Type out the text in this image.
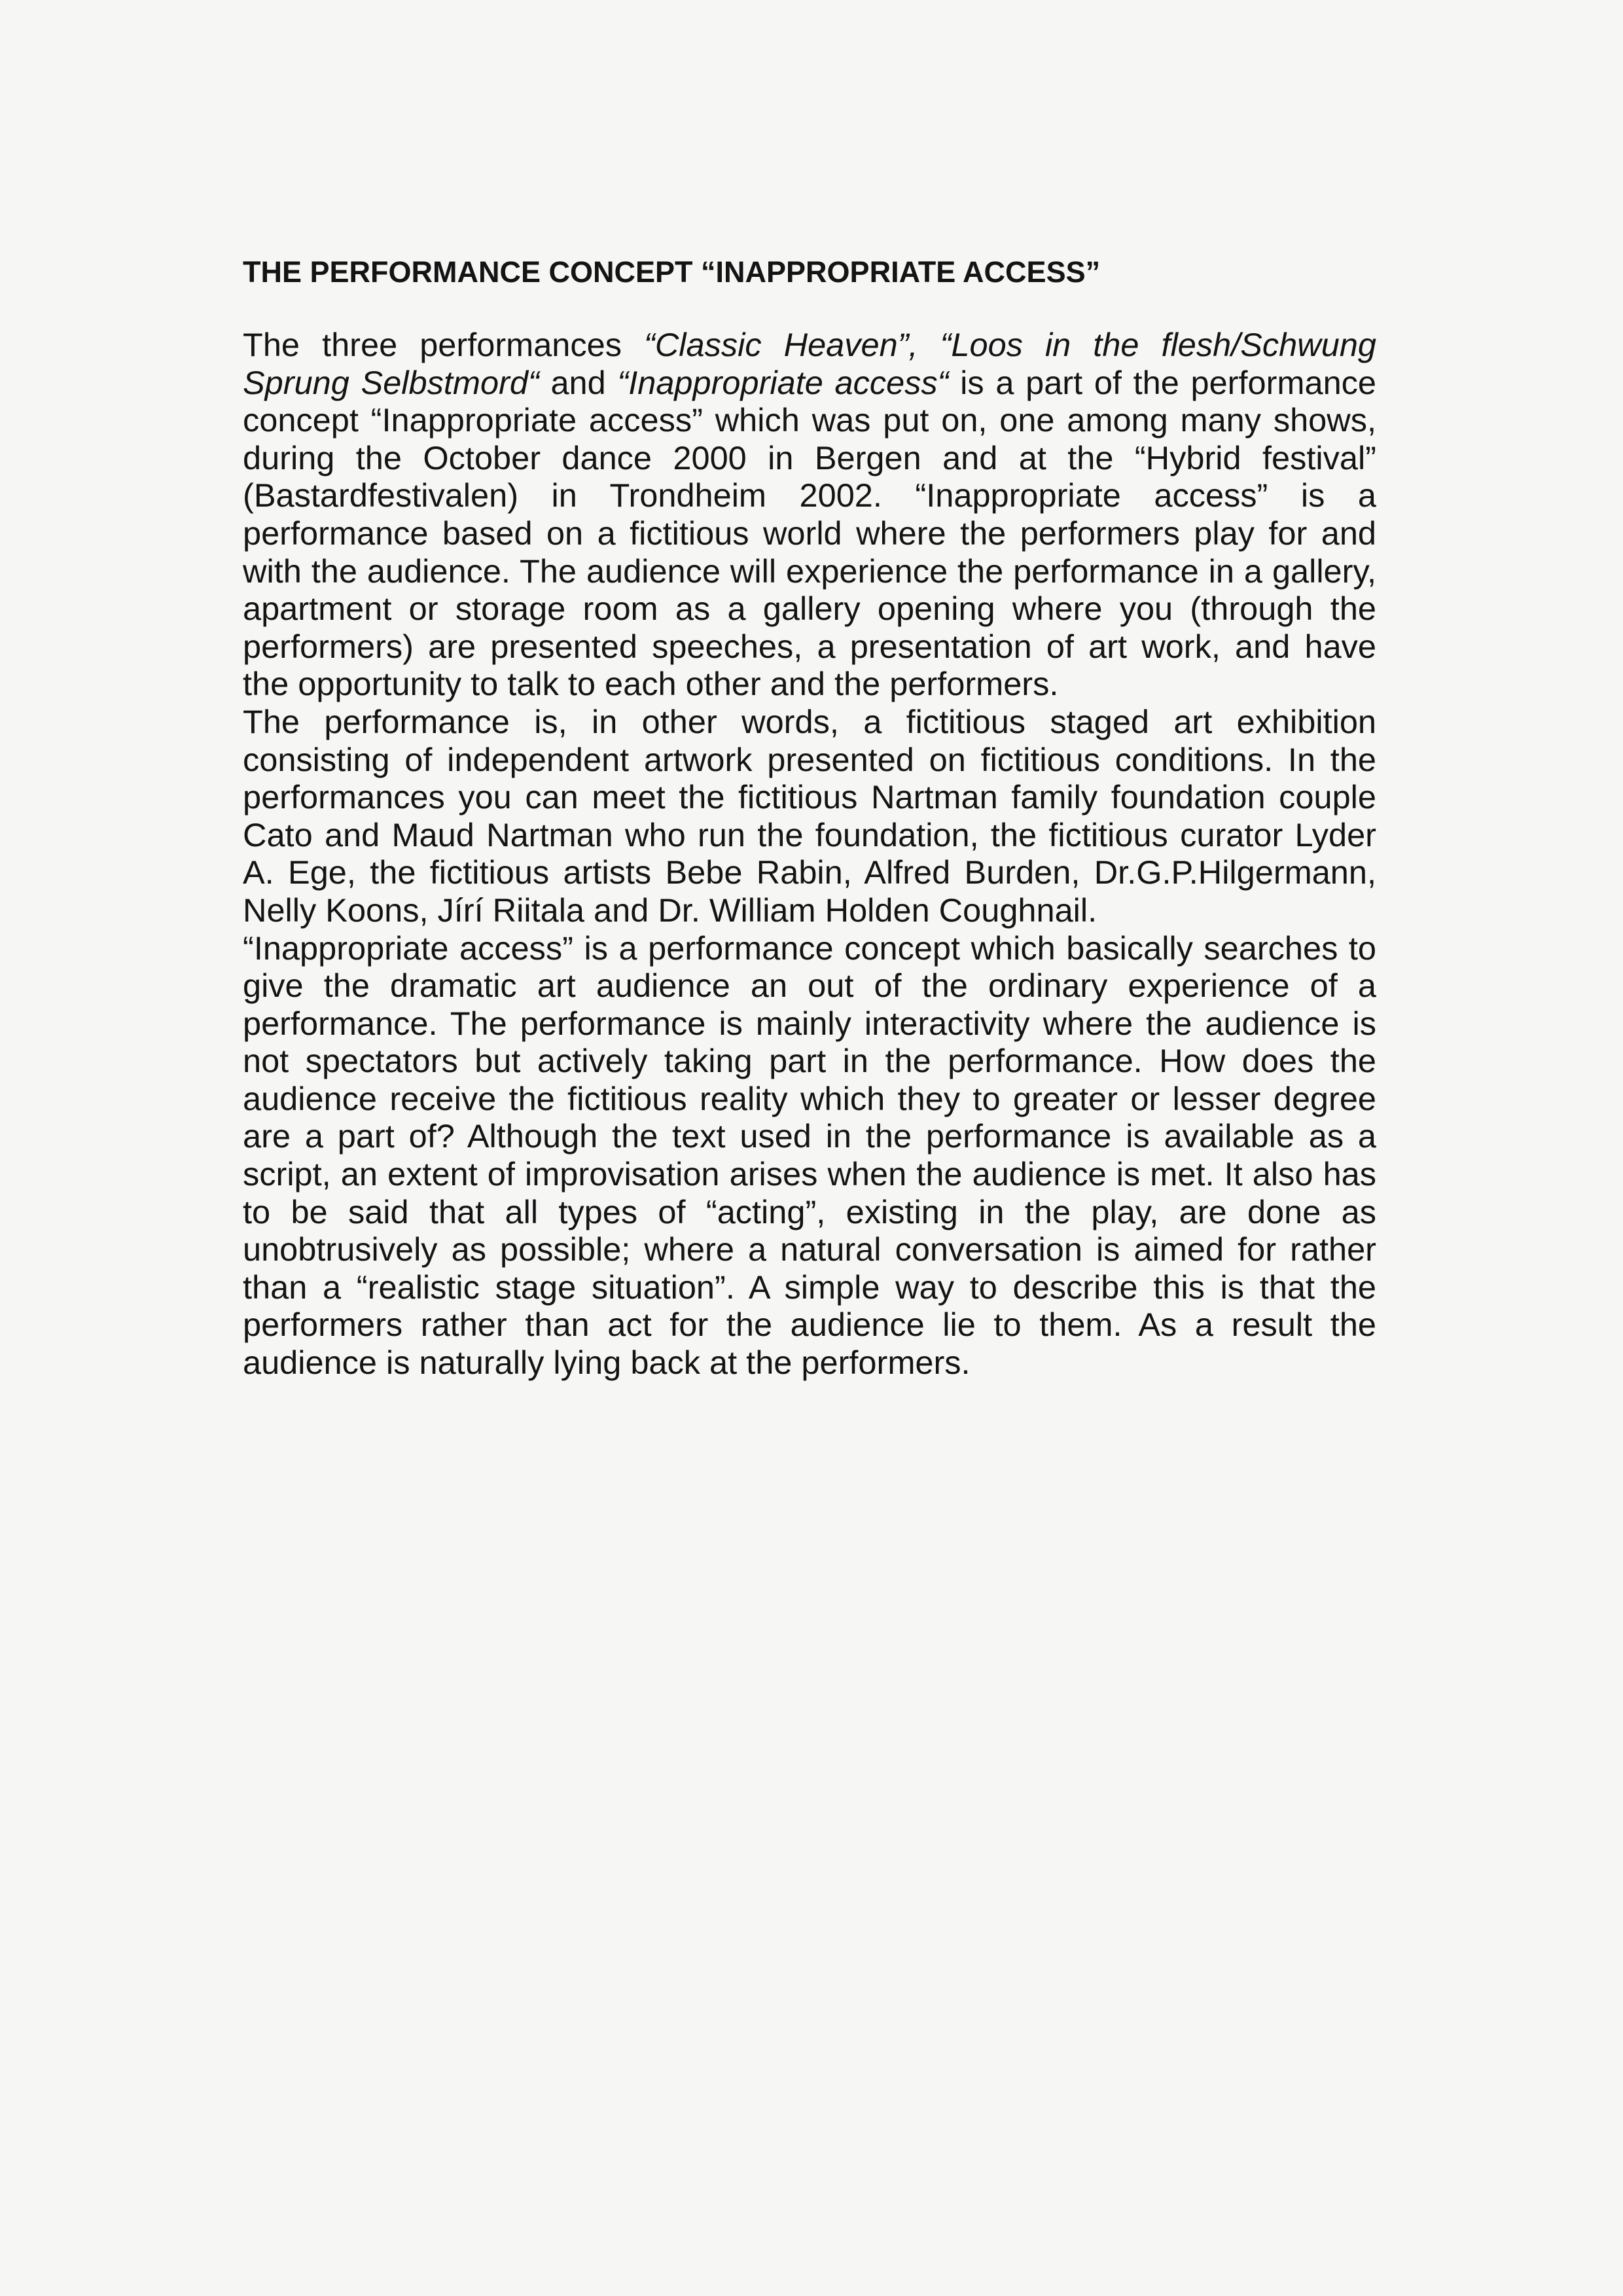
THE PERFORMANCE CONCEPT “INAPPROPRIATE ACCESS”

The three performances “Classic Heaven”, “Loos in the flesh/Schwung Sprung Selbstmord“ and “Inappropriate access“ is a part of the performance concept “Inappropriate access” which was put on, one among many shows, during the October dance 2000 in Bergen and at the “Hybrid festival” (Bastardfestivalen) in Trondheim 2002. “Inappropriate access” is a performance based on a fictitious world where the performers play for and with the audience. The audience will experience the performance in a gallery, apartment or storage room as a gallery opening where you (through the performers) are presented speeches, a presentation of art work, and have the opportunity to talk to each other and the performers.

The performance is, in other words, a fictitious staged art exhibition consisting of independent artwork presented on fictitious conditions. In the performances you can meet the fictitious Nartman family foundation couple Cato and Maud Nartman who run the foundation, the fictitious curator Lyder A. Ege, the fictitious artists Bebe Rabin, Alfred Burden, Dr.G.P.Hilgermann, Nelly Koons, Jírí Riitala and Dr. William Holden Coughnail.

“Inappropriate access” is a performance concept which basically searches to give the dramatic art audience an out of the ordinary experience of a performance. The performance is mainly interactivity where the audience is not spectators but actively taking part in the performance. How does the audience receive the fictitious reality which they to greater or lesser degree are a part of? Although the text used in the performance is available as a script, an extent of improvisation arises when the audience is met. It also has to be said that all types of “acting”, existing in the play, are done as unobtrusively as possible; where a natural conversation is aimed for rather than a “realistic stage situation”. A simple way to describe this is that the performers rather than act for the audience lie to them. As a result the audience is naturally lying back at the performers.
